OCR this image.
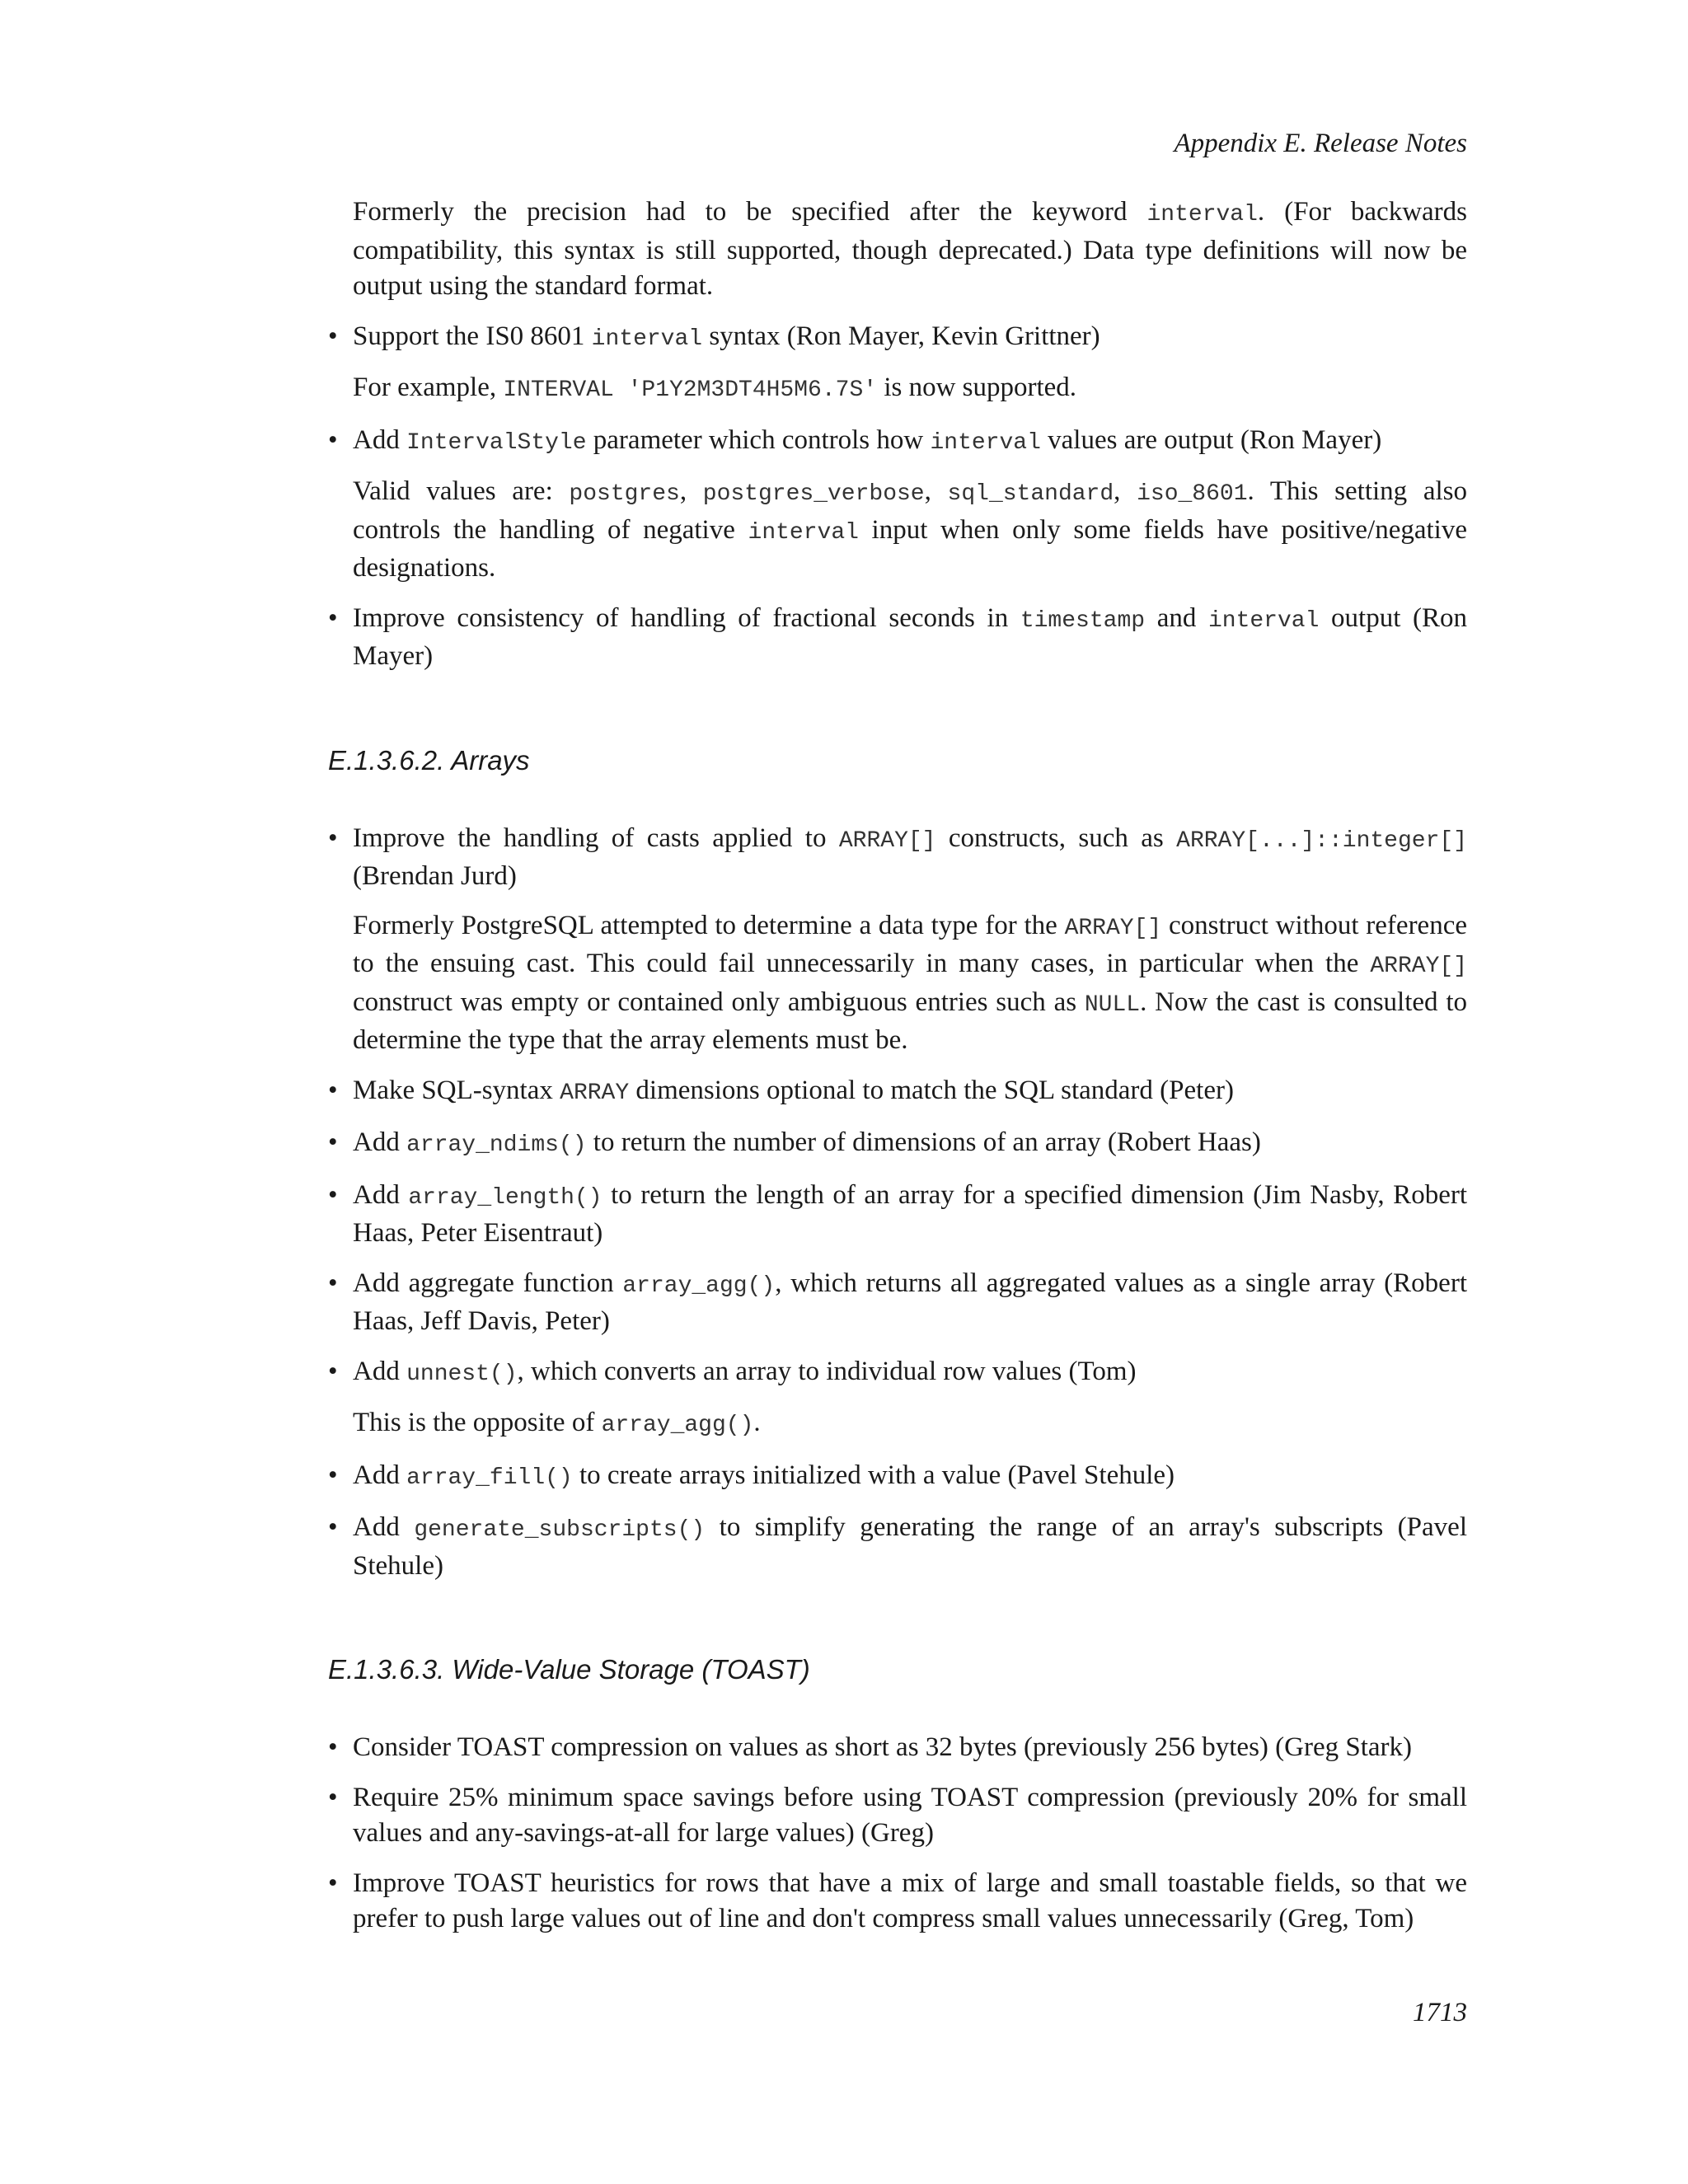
Appendix E. Release Notes

Formerly the precision had to be specified after the keyword interval. (For backwards compatibility, this syntax is still supported, though deprecated.) Data type definitions will now be output using the standard format.

• Support the IS0 8601 interval syntax (Ron Mayer, Kevin Grittner)

For example, INTERVAL 'P1Y2M3DT4H5M6.7S' is now supported.

• Add IntervalStyle parameter which controls how interval values are output (Ron Mayer)

Valid values are: postgres, postgres_verbose, sql_standard, iso_8601. This setting also controls the handling of negative interval input when only some fields have positive/negative designations.

• Improve consistency of handling of fractional seconds in timestamp and interval output (Ron Mayer)

E.1.3.6.2. Arrays
• Improve the handling of casts applied to ARRAY[] constructs, such as ARRAY[...]::integer[] (Brendan Jurd)

Formerly PostgreSQL attempted to determine a data type for the ARRAY[] construct without reference to the ensuing cast. This could fail unnecessarily in many cases, in particular when the ARRAY[] construct was empty or contained only ambiguous entries such as NULL. Now the cast is consulted to determine the type that the array elements must be.

• Make SQL-syntax ARRAY dimensions optional to match the SQL standard (Peter)

• Add array_ndims() to return the number of dimensions of an array (Robert Haas)

• Add array_length() to return the length of an array for a specified dimension (Jim Nasby, Robert Haas, Peter Eisentraut)

• Add aggregate function array_agg(), which returns all aggregated values as a single array (Robert Haas, Jeff Davis, Peter)

• Add unnest(), which converts an array to individual row values (Tom)

This is the opposite of array_agg().

• Add array_fill() to create arrays initialized with a value (Pavel Stehule)

• Add generate_subscripts() to simplify generating the range of an array's subscripts (Pavel Stehule)

E.1.3.6.3. Wide-Value Storage (TOAST)
• Consider TOAST compression on values as short as 32 bytes (previously 256 bytes) (Greg Stark)

• Require 25% minimum space savings before using TOAST compression (previously 20% for small values and any-savings-at-all for large values) (Greg)

• Improve TOAST heuristics for rows that have a mix of large and small toastable fields, so that we prefer to push large values out of line and don't compress small values unnecessarily (Greg, Tom)

1713
